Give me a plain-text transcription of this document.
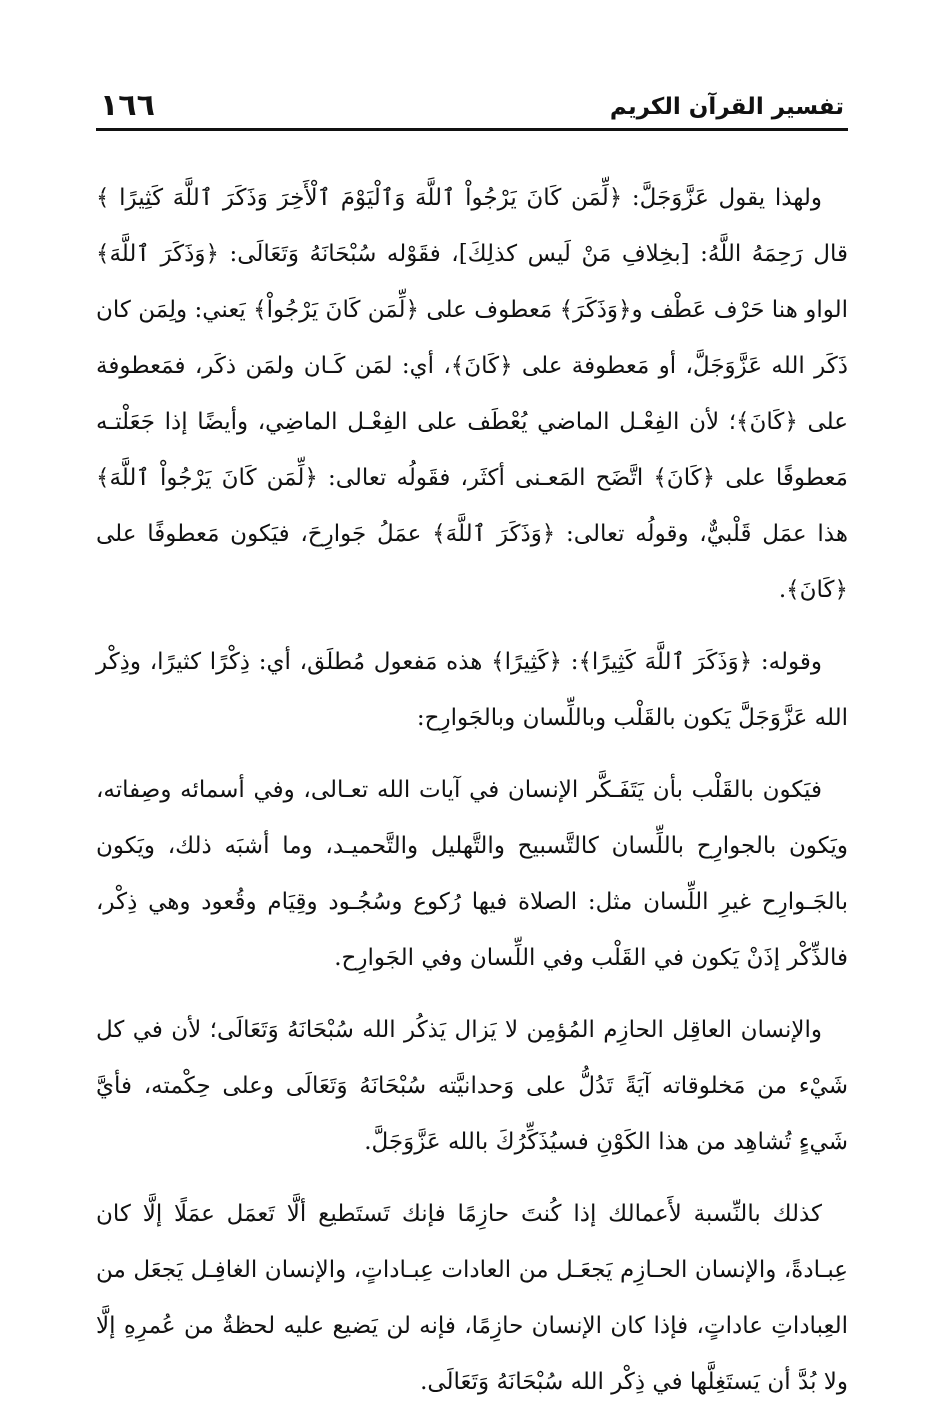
١٦٦	تفسير القرآن الكريم

ولهذا يقول عَزَّوَجَلَّ: ﴿لِّمَن كَانَ يَرْجُواْ ٱللَّهَ وَٱلْيَوْمَ ٱلْأَخِرَ وَذَكَرَ ٱللَّهَ كَثِيرًا ﴾ قال رَحِمَهُ اللَّهُ: [بخِلافِ مَنْ لَيس كذلِكَ]، فقَوْله سُبْحَانَهُ وَتَعَالَى: ﴿وَذَكَرَ ٱللَّهَ﴾ الواو هنا حَرْف عَطْف و﴿وَذَكَرَ﴾ مَعطوف على ﴿لِّمَن كَانَ يَرْجُواْ﴾ يَعني: ولِمَن كان ذَكَر الله عَزَّوَجَلَّ، أو مَعطوفة على ﴿كَانَ﴾، أي: لمَن كَـان ولمَن ذكَر، فمَعطوفة على ﴿كَانَ﴾؛ لأن الفِعْـل الماضي يُعْطَف على الفِعْـل الماضِي، وأيضًا إذا جَعَلْتـه مَعطوفًا على ﴿كَانَ﴾ اتَّضَح المَعـنى أكثَر، فقَولُه تعالى: ﴿لِّمَن كَانَ يَرْجُواْ ٱللَّهَ﴾ هذا عمَل قَلْبيٌّ، وقولُه تعالى: ﴿وَذَكَرَ ٱللَّهَ﴾ عمَلُ جَوارِحَ، فيَكون مَعطوفًا على ﴿كَانَ﴾.

وقوله: ﴿وَذَكَرَ ٱللَّهَ كَثِيرًا﴾: ﴿كَثِيرًا﴾ هذه مَفعول مُطلَق، أي: ذِكْرًا كثيرًا، وذِكْر الله عَزَّوَجَلَّ يَكون بالقَلْب وباللِّسان وبالجَوارِح:

فيَكون بالقَلْب بأن يَتَفَـكَّر الإنسان في آيات الله تعـالى، وفي أسمائه وصِفاته، ويَكون بالجوارِح باللِّسان كالتَّسبيح والتَّهليل والتَّحميـد، وما أشبَه ذلك، ويَكون بالجَـوارِح غيرِ اللِّسان مثل: الصلاة فيها رُكوع وسُجُـود وقِيَام وقُعود وهي ذِكْر، فالذِّكْر إذَنْ يَكون في القَلْب وفي اللِّسان وفي الجَوارِح.

والإنسان العاقِل الحازِم المُؤمِن لا يَزال يَذكُر الله سُبْحَانَهُ وَتَعَالَى؛ لأن في كل شَيْء من مَخلوقاته آيَةً تَدُلُّ على وَحدانيَّته سُبْحَانَهُ وَتَعَالَى وعلى حِكْمته، فأيَّ شَيءٍ تُشاهِد من هذا الكَوْنِ فسيُذَكِّرُكَ بالله عَزَّوَجَلَّ.

كذلك بالنِّسبة لأَعمالك إذا كُنتَ حازِمًا فإنك تَستَطيع ألَّا تَعمَل عمَلًا إلَّا كان عِبـادةً، والإنسان الحـازِم يَجعَـل من العادات عِبـاداتٍ، والإنسان الغافِـل يَجعَل من العِباداتِ عاداتٍ، فإذا كان الإنسان حازِمًا، فإنه لن يَضيع عليه لحظةٌ من عُمرِهِ إلَّا ولا بُدَّ أن يَستَغِلَّها في ذِكْر الله سُبْحَانَهُ وَتَعَالَى.
